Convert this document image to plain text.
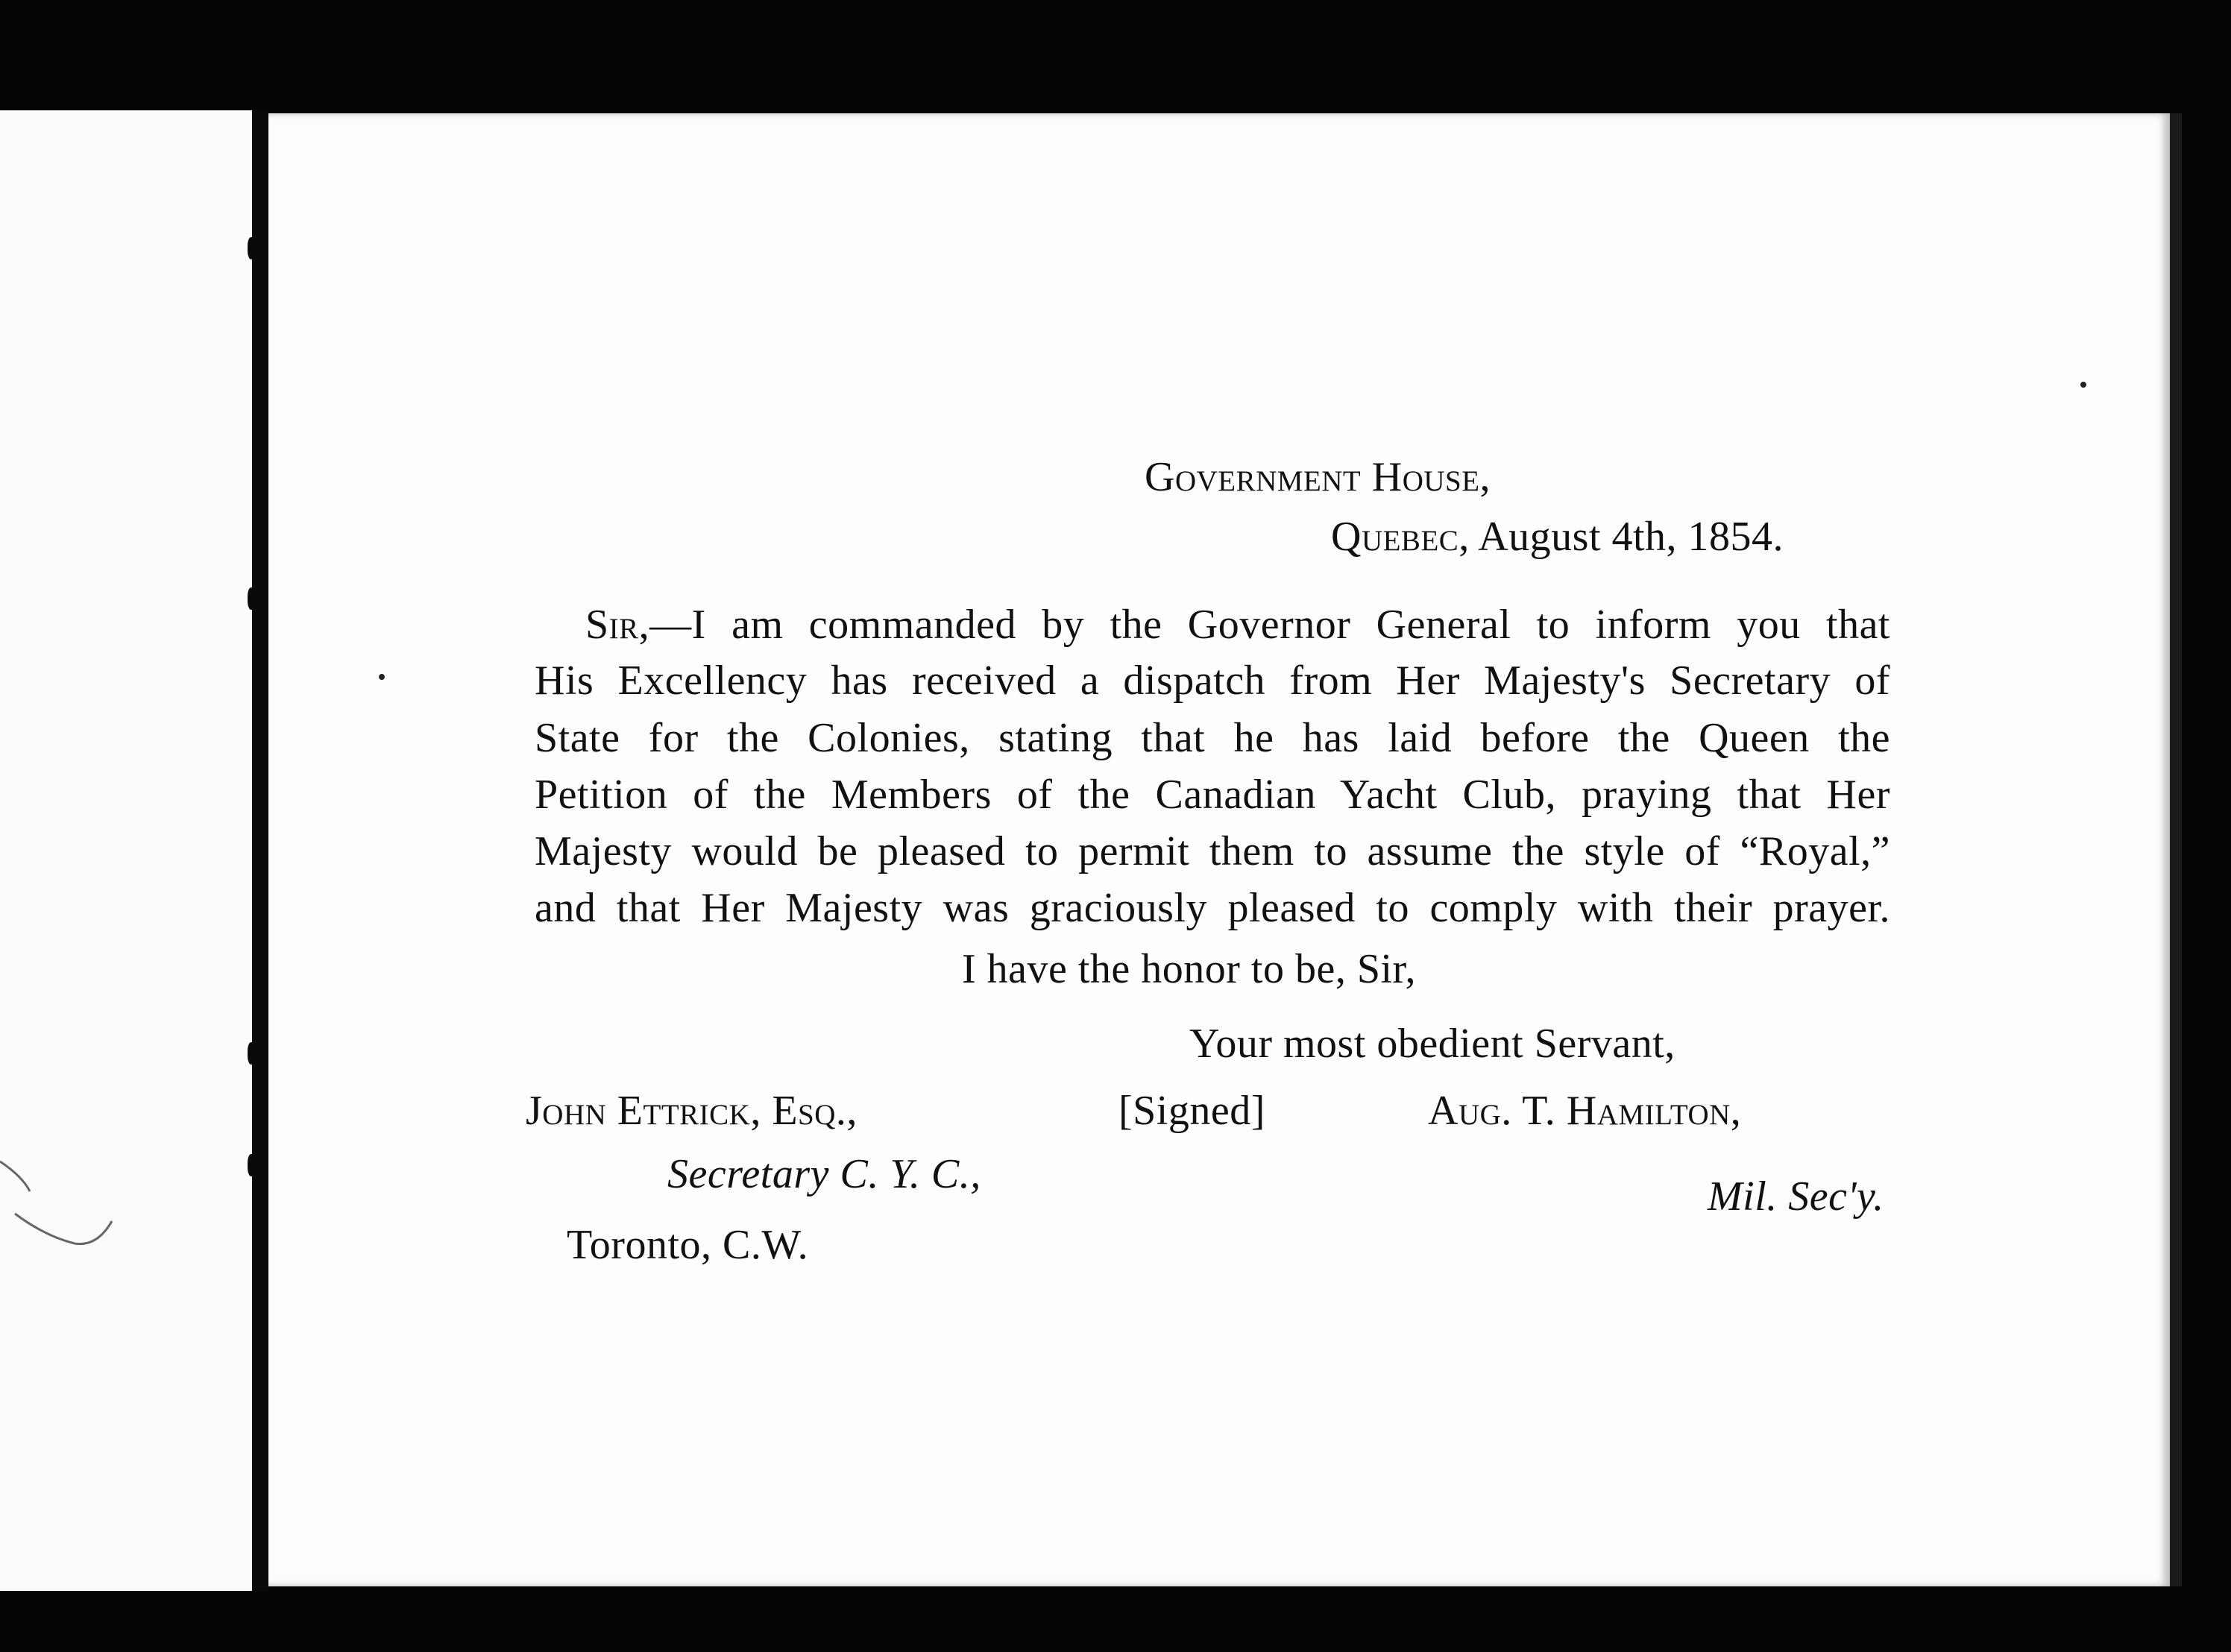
Government House,
Quebec, August 4th, 1854.
Sir,—I am commanded by the Governor General to inform you that
His Excellency has received a dispatch from Her Majesty's Secretary of
State for the Colonies, stating that he has laid before the Queen the
Petition of the Members of the Canadian Yacht Club, praying that Her
Majesty would be pleased to permit them to assume the style of “Royal,”
and that Her Majesty was graciously pleased to comply with their prayer.
I have the honor to be, Sir,
Your most obedient Servant,
John Ettrick, Esq.,	[Signed]	Aug. T. Hamilton,
Secretary C. Y. C.,	Mil. Sec'y.
Toronto, C.W.
